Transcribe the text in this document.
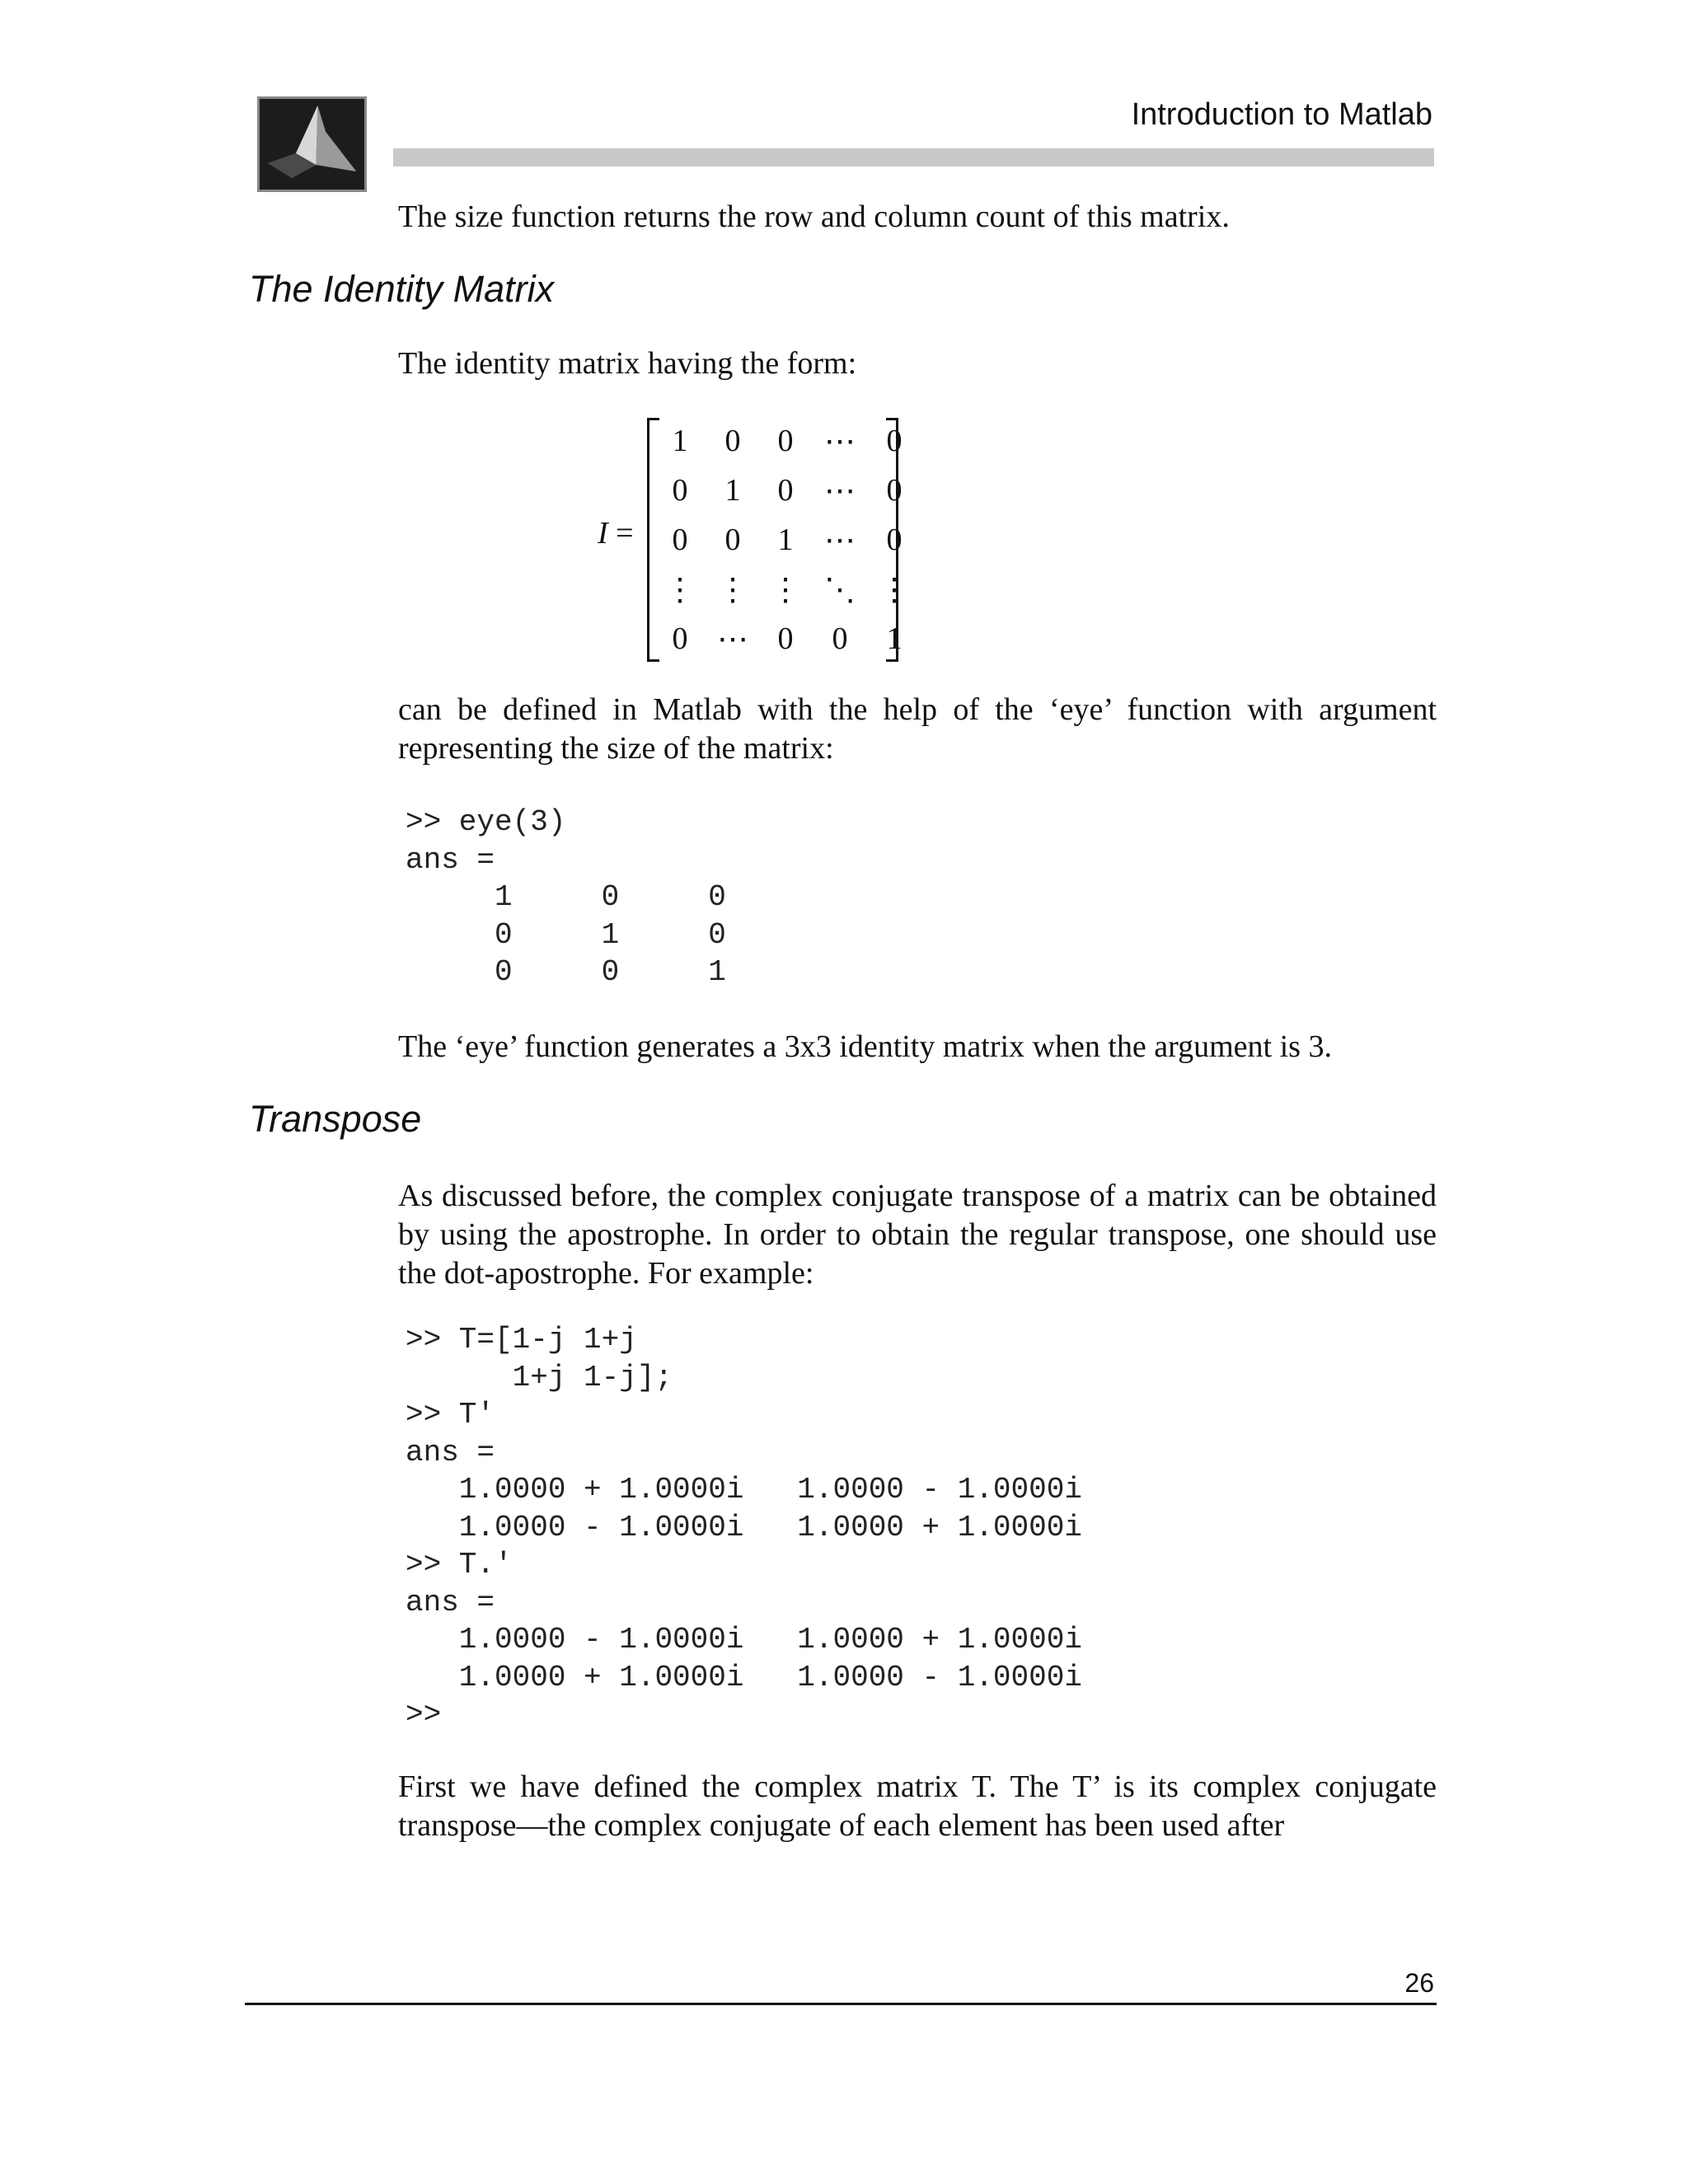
Introduction to Matlab

The size function returns the row and column count of this matrix.

The Identity Matrix

The identity matrix having the form:

I =
1	0	0 ⋯ 0
0	1	0 ⋯ 0
0	0	1 ⋯ 0
⋮ ⋮ ⋮ ⋱ ⋮
0 ⋯ 0	0	1

can be defined in Matlab with the help of the ‘eye’ function with argument representing the size of the matrix:

>> eye(3)
ans =
1     0     0
0     1     0
0     0     1

The ‘eye’ function generates a 3x3 identity matrix when the argument is 3.

Transpose

As discussed before, the complex conjugate transpose of a matrix can be obtained by using the apostrophe. In order to obtain the regular transpose, one should use the dot-apostrophe. For example:

>> T=[1-j 1+j
1+j 1-j];
>> T'
ans =
1.0000 + 1.0000i   1.0000 - 1.0000i
1.0000 - 1.0000i   1.0000 + 1.0000i
>> T.'
ans =
1.0000 - 1.0000i   1.0000 + 1.0000i
1.0000 + 1.0000i   1.0000 - 1.0000i
>>

First we have defined the complex matrix T. The T’ is its complex conjugate transpose—the complex conjugate of each element has been used after

26
